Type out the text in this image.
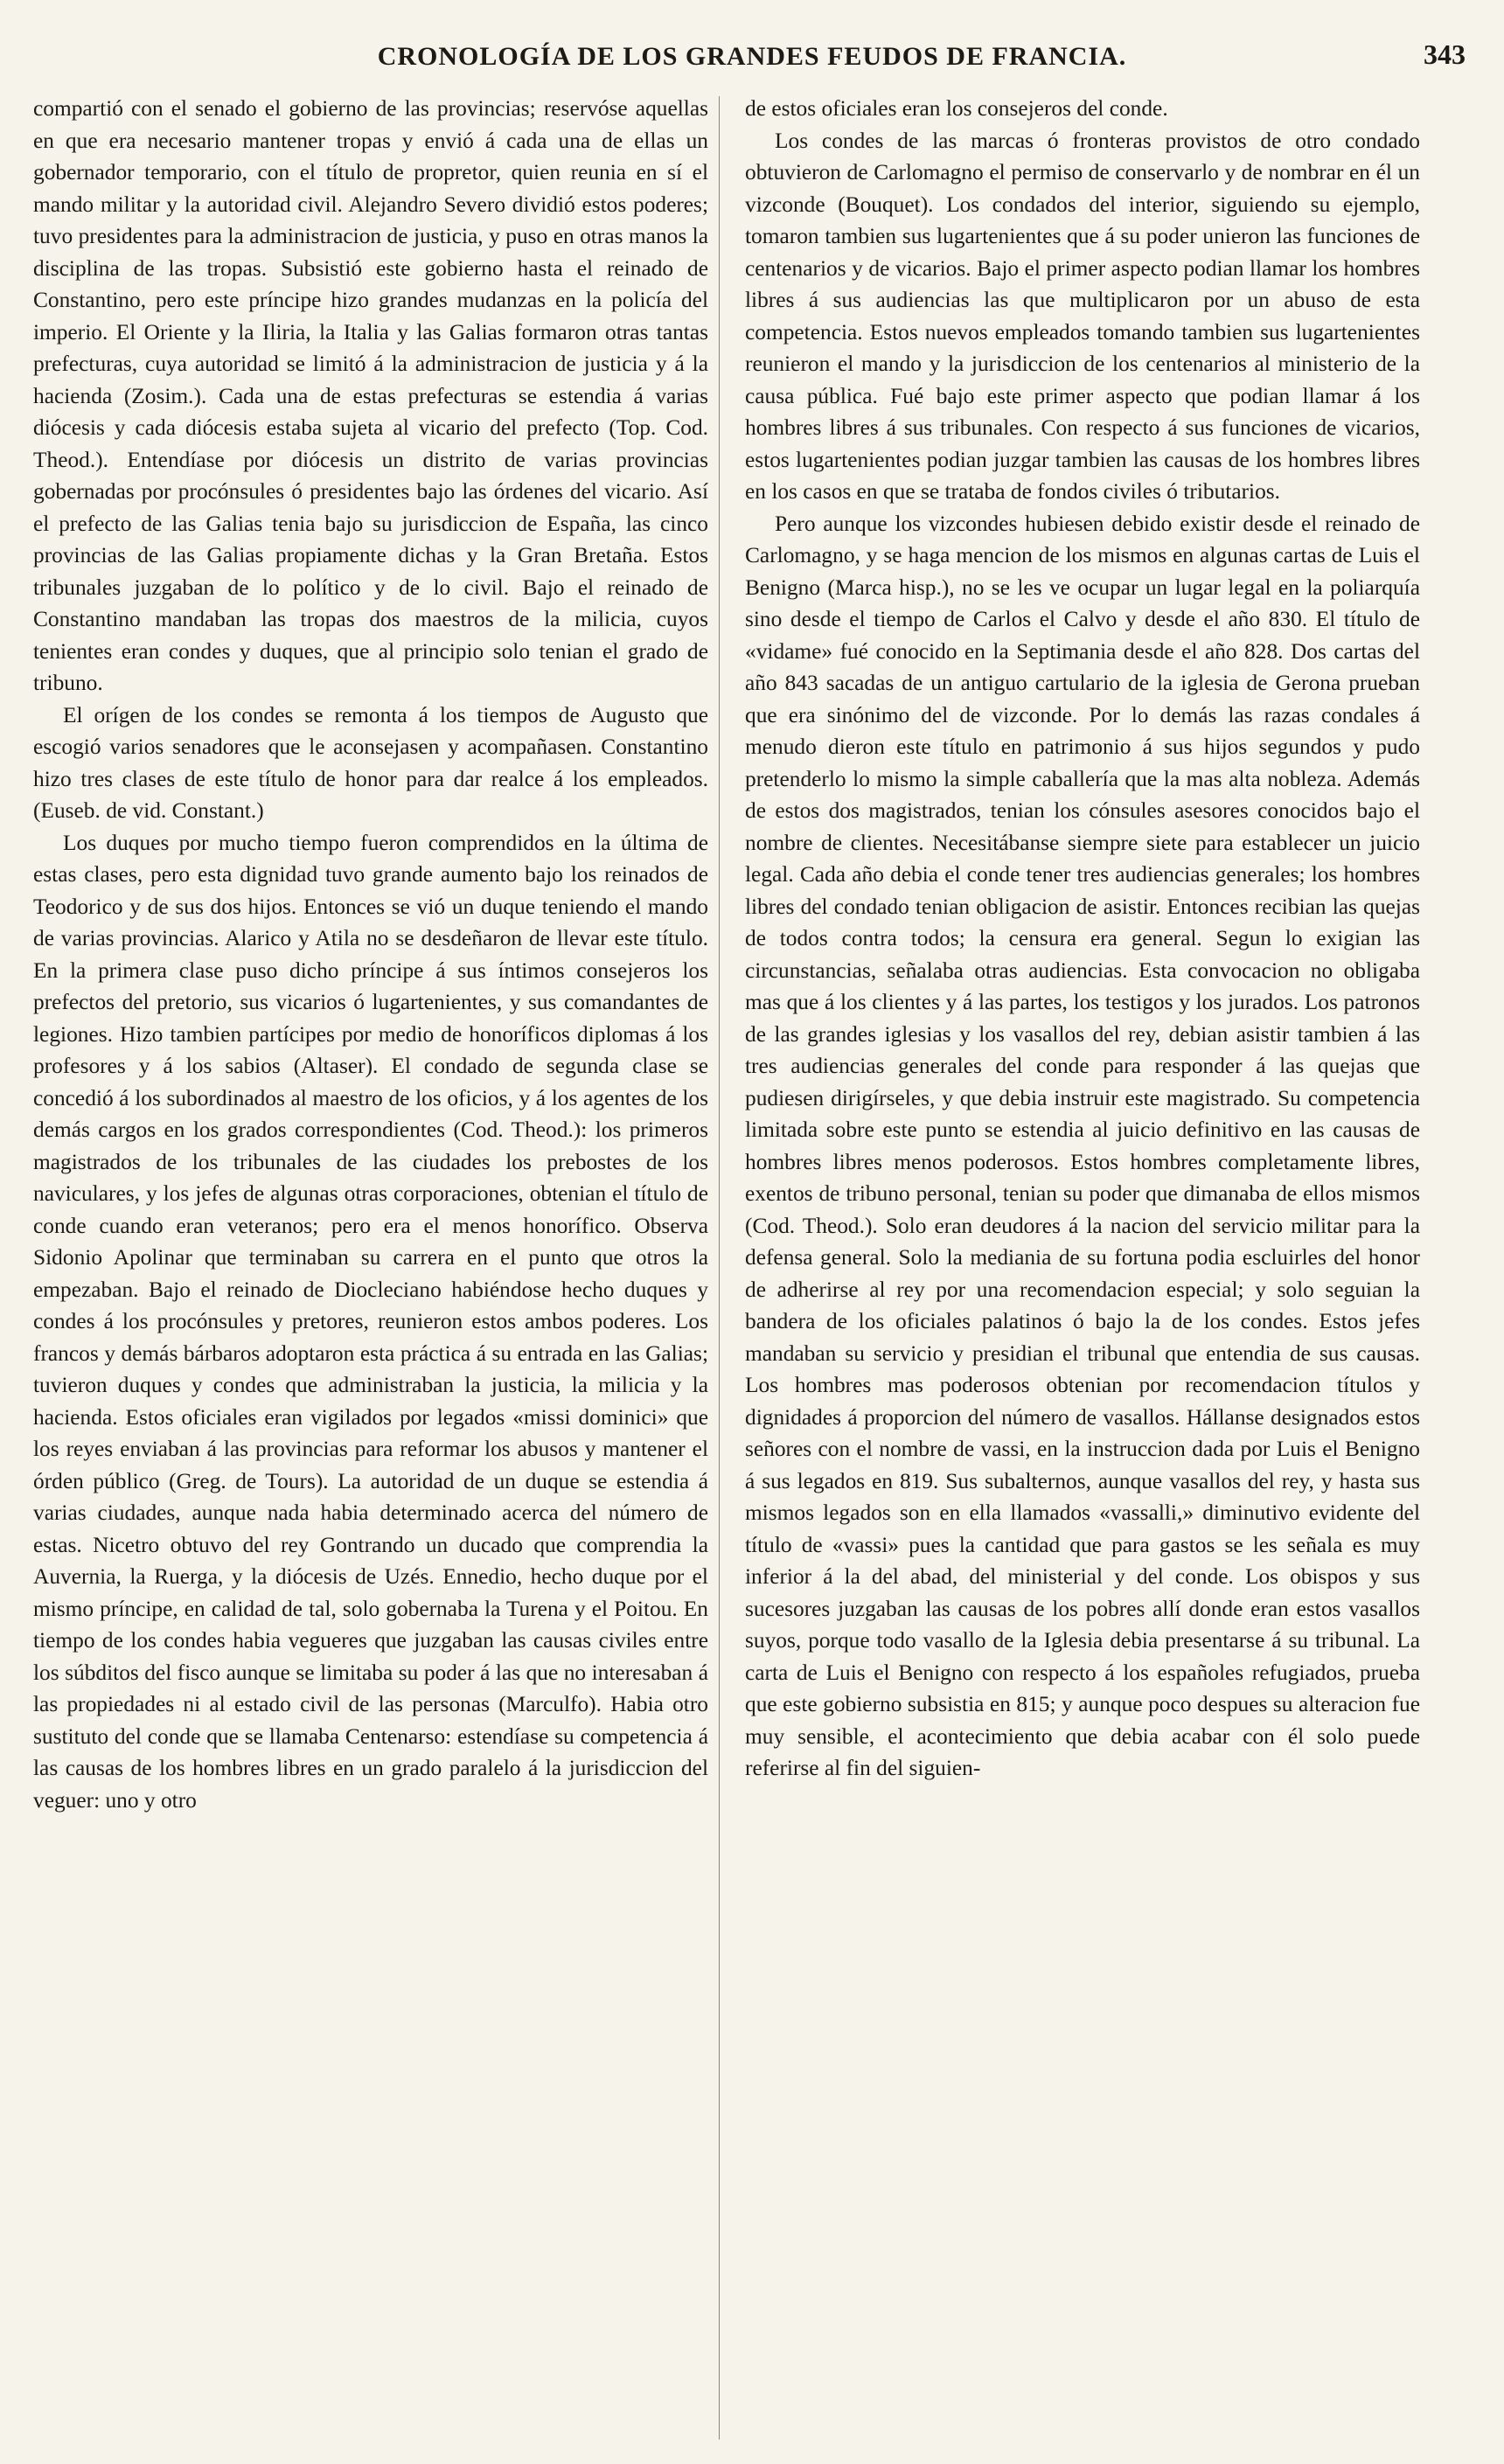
CRONOLOGÍA DE LOS GRANDES FEUDOS DE FRANCIA.	343

compartió con el senado el gobierno de las provincias; reservóse aquellas en que era necesario mantener tropas y envió á cada una de ellas un gobernador temporario, con el título de propretor, quien reunia en sí el mando militar y la autoridad civil. Alejandro Severo dividió estos poderes; tuvo presidentes para la administracion de justicia, y puso en otras manos la disciplina de las tropas. Subsistió este gobierno hasta el reinado de Constantino, pero este príncipe hizo grandes mudanzas en la policía del imperio. El Oriente y la Iliria, la Italia y las Galias formaron otras tantas prefecturas, cuya autoridad se limitó á la administracion de justicia y á la hacienda (Zosim.). Cada una de estas prefecturas se estendia á varias diócesis y cada diócesis estaba sujeta al vicario del prefecto (Top. Cod. Theod.). Entendíase por diócesis un distrito de varias provincias gobernadas por procónsules ó presidentes bajo las órdenes del vicario. Así el prefecto de las Galias tenia bajo su jurisdiccion de España, las cinco provincias de las Galias propiamente dichas y la Gran Bretaña. Estos tribunales juzgaban de lo político y de lo civil. Bajo el reinado de Constantino mandaban las tropas dos maestros de la milicia, cuyos tenientes eran condes y duques, que al principio solo tenian el grado de tribuno.

El orígen de los condes se remonta á los tiempos de Augusto que escogió varios senadores que le aconsejasen y acompañasen. Constantino hizo tres clases de este título de honor para dar realce á los empleados. (Euseb. de vid. Constant.)

Los duques por mucho tiempo fueron comprendidos en la última de estas clases, pero esta dignidad tuvo grande aumento bajo los reinados de Teodorico y de sus dos hijos. Entonces se vió un duque teniendo el mando de varias provincias. Alarico y Atila no se desdeñaron de llevar este título. En la primera clase puso dicho príncipe á sus íntimos consejeros los prefectos del pretorio, sus vicarios ó lugartenientes, y sus comandantes de legiones. Hizo tambien partícipes por medio de honoríficos diplomas á los profesores y á los sabios (Altaser). El condado de segunda clase se concedió á los subordinados al maestro de los oficios, y á los agentes de los demás cargos en los grados correspondientes (Cod. Theod.): los primeros magistrados de los tribunales de las ciudades los prebostes de los naviculares, y los jefes de algunas otras corporaciones, obtenian el título de conde cuando eran veteranos; pero era el menos honorífico. Observa Sidonio Apolinar que terminaban su carrera en el punto que otros la empezaban. Bajo el reinado de Diocleciano habiéndose hecho duques y condes á los procónsules y pretores, reunieron estos ambos poderes. Los francos y demás bárbaros adoptaron esta práctica á su entrada en las Galias; tuvieron duques y condes que administraban la justicia, la milicia y la hacienda. Estos oficiales eran vigilados por legados «missi dominici» que los reyes enviaban á las provincias para reformar los abusos y mantener el órden público (Greg. de Tours). La autoridad de un duque se estendia á varias ciudades, aunque nada habia determinado acerca del número de estas. Nicetro obtuvo del rey Gontrando un ducado que comprendia la Auvernia, la Ruerga, y la diócesis de Uzés. Ennedio, hecho duque por el mismo príncipe, en calidad de tal, solo gobernaba la Turena y el Poitou. En tiempo de los condes habia vegueres que juzgaban las causas civiles entre los súbditos del fisco aunque se limitaba su poder á las que no interesaban á las propiedades ni al estado civil de las personas (Marculfo). Habia otro sustituto del conde que se llamaba Centenarso: estendíase su competencia á las causas de los hombres libres en un grado paralelo á la jurisdiccion del veguer: uno y otro

de estos oficiales eran los consejeros del conde.

Los condes de las marcas ó fronteras provistos de otro condado obtuvieron de Carlomagno el permiso de conservarlo y de nombrar en él un vizconde (Bouquet). Los condados del interior, siguiendo su ejemplo, tomaron tambien sus lugartenientes que á su poder unieron las funciones de centenarios y de vicarios. Bajo el primer aspecto podian llamar los hombres libres á sus audiencias las que multiplicaron por un abuso de esta competencia. Estos nuevos empleados tomando tambien sus lugartenientes reunieron el mando y la jurisdiccion de los centenarios al ministerio de la causa pública. Fué bajo este primer aspecto que podian llamar á los hombres libres á sus tribunales. Con respecto á sus funciones de vicarios, estos lugartenientes podian juzgar tambien las causas de los hombres libres en los casos en que se trataba de fondos civiles ó tributarios.

Pero aunque los vizcondes hubiesen debido existir desde el reinado de Carlomagno, y se haga mencion de los mismos en algunas cartas de Luis el Benigno (Marca hisp.), no se les ve ocupar un lugar legal en la poliarquía sino desde el tiempo de Carlos el Calvo y desde el año 830. El título de «vidame» fué conocido en la Septimania desde el año 828. Dos cartas del año 843 sacadas de un antiguo cartulario de la iglesia de Gerona prueban que era sinónimo del de vizconde. Por lo demás las razas condales á menudo dieron este título en patrimonio á sus hijos segundos y pudo pretenderlo lo mismo la simple caballería que la mas alta nobleza. Además de estos dos magistrados, tenian los cónsules asesores conocidos bajo el nombre de clientes. Necesitábanse siempre siete para establecer un juicio legal. Cada año debia el conde tener tres audiencias generales; los hombres libres del condado tenian obligacion de asistir. Entonces recibian las quejas de todos contra todos; la censura era general. Segun lo exigian las circunstancias, señalaba otras audiencias. Esta convocacion no obligaba mas que á los clientes y á las partes, los testigos y los jurados. Los patronos de las grandes iglesias y los vasallos del rey, debian asistir tambien á las tres audiencias generales del conde para responder á las quejas que pudiesen dirigírseles, y que debia instruir este magistrado. Su competencia limitada sobre este punto se estendia al juicio definitivo en las causas de hombres libres menos poderosos. Estos hombres completamente libres, exentos de tribuno personal, tenian su poder que dimanaba de ellos mismos (Cod. Theod.). Solo eran deudores á la nacion del servicio militar para la defensa general. Solo la mediania de su fortuna podia escluirles del honor de adherirse al rey por una recomendacion especial; y solo seguian la bandera de los oficiales palatinos ó bajo la de los condes. Estos jefes mandaban su servicio y presidian el tribunal que entendia de sus causas. Los hombres mas poderosos obtenian por recomendacion títulos y dignidades á proporcion del número de vasallos. Hállanse designados estos señores con el nombre de vassi, en la instruccion dada por Luis el Benigno á sus legados en 819. Sus subalternos, aunque vasallos del rey, y hasta sus mismos legados son en ella llamados «vassalli,» diminutivo evidente del título de «vassi» pues la cantidad que para gastos se les señala es muy inferior á la del abad, del ministerial y del conde. Los obispos y sus sucesores juzgaban las causas de los pobres allí donde eran estos vasallos suyos, porque todo vasallo de la Iglesia debia presentarse á su tribunal. La carta de Luis el Benigno con respecto á los españoles refugiados, prueba que este gobierno subsistia en 815; y aunque poco despues su alteracion fue muy sensible, el acontecimiento que debia acabar con él solo puede referirse al fin del siguien-
